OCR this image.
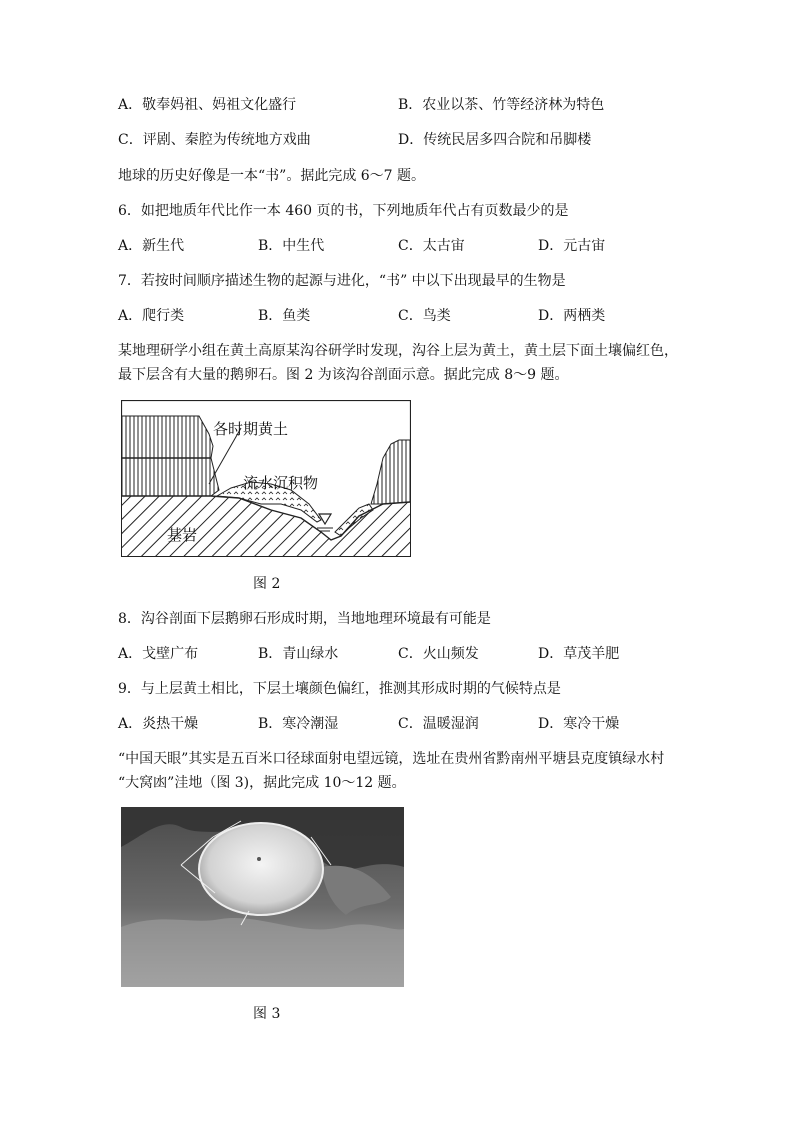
A．敬奉妈祖、妈祖文化盛行	B．农业以茶、竹等经济林为特色
C．评剧、秦腔为传统地方戏曲	D．传统民居多四合院和吊脚楼
地球的历史好像是一本“书”。据此完成 6～7 题。
6．如把地质年代比作一本 460 页的书，下列地质年代占有页数最少的是
A．新生代	B．中生代	C．太古宙	D．元古宙
7．若按时间顺序描述生物的起源与进化，“书” 中以下出现最早的生物是
A．爬行类	B．鱼类	C．鸟类	D．两栖类
某地理研学小组在黄土高原某沟谷研学时发现，沟谷上层为黄土，黄土层下面土壤偏红色，
最下层含有大量的鹅卵石。图 2 为该沟谷剖面示意。据此完成 8～9 题。
各时期黄土
流水沉积物
基岩
图 2
8．沟谷剖面下层鹅卵石形成时期，当地地理环境最有可能是
A．戈壁广布	B．青山绿水	C．火山频发	D．草茂羊肥
9．与上层黄土相比，下层土壤颜色偏红，推测其形成时期的气候特点是
A．炎热干燥	B．寒冷潮湿	C．温暖湿润	D．寒冷干燥
“中国天眼”其实是五百米口径球面射电望远镜，选址在贵州省黔南州平塘县克度镇绿水村
“大窝凼”洼地（图 3)，据此完成 10～12 题。
图 3
